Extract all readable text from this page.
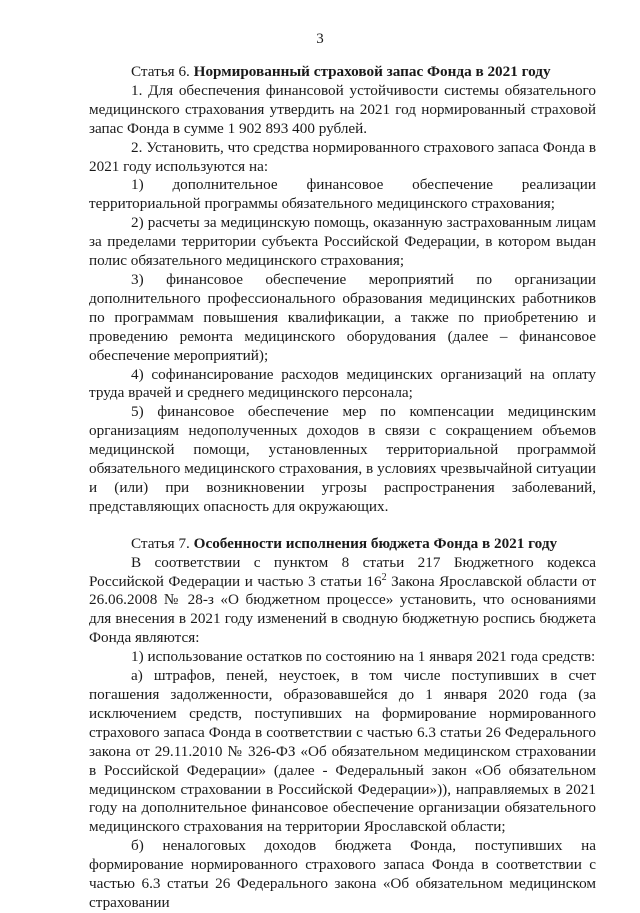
3

Статья 6. Нормированный страховой запас Фонда в 2021 году

1. Для обеспечения финансовой устойчивости системы обязательного медицинского страхования утвердить на 2021 год нормированный страховой запас Фонда в сумме 1 902 893 400 рублей.

2. Установить, что средства нормированного страхового запаса Фонда в 2021 году используются на:

1) дополнительное финансовое обеспечение реализации территориальной программы обязательного медицинского страхования;

2) расчеты за медицинскую помощь, оказанную застрахованным лицам за пределами территории субъекта Российской Федерации, в котором выдан полис обязательного медицинского страхования;

3) финансовое обеспечение мероприятий по организации дополнительного профессионального образования медицинских работников по программам повышения квалификации, а также по приобретению и проведению ремонта медицинского оборудования (далее – финансовое обеспечение мероприятий);

4) софинансирование расходов медицинских организаций на оплату труда врачей и среднего медицинского персонала;

5) финансовое обеспечение мер по компенсации медицинским организациям недополученных доходов в связи с сокращением объемов медицинской помощи, установленных территориальной программой обязательного медицинского страхования, в условиях чрезвычайной ситуации и (или) при возникновении угрозы распространения заболеваний, представляющих опасность для окружающих.

Статья 7. Особенности исполнения бюджета Фонда в 2021 году

В соответствии с пунктом 8 статьи 217 Бюджетного кодекса Российской Федерации и частью 3 статьи $16^2$ Закона Ярославской области от 26.06.2008 № 28-з «О бюджетном процессе» установить, что основаниями для внесения в 2021 году изменений в сводную бюджетную роспись бюджета Фонда являются:

1) использование остатков по состоянию на 1 января 2021 года средств:

а) штрафов, пеней, неустоек, в том числе поступивших в счет погашения задолженности, образовавшейся до 1 января 2020 года (за исключением средств, поступивших на формирование нормированного страхового запаса Фонда в соответствии с частью 6.3 статьи 26 Федерального закона от 29.11.2010 № 326-ФЗ «Об обязательном медицинском страховании в Российской Федерации» (далее - Федеральный закон «Об обязательном медицинском страховании в Российской Федерации»)), направляемых в 2021 году на дополнительное финансовое обеспечение организации обязательного медицинского страхования на территории Ярославской области;

б) неналоговых доходов бюджета Фонда, поступивших на формирование нормированного страхового запаса Фонда в соответствии с частью 6.3 статьи 26 Федерального закона «Об обязательном медицинском страховании
